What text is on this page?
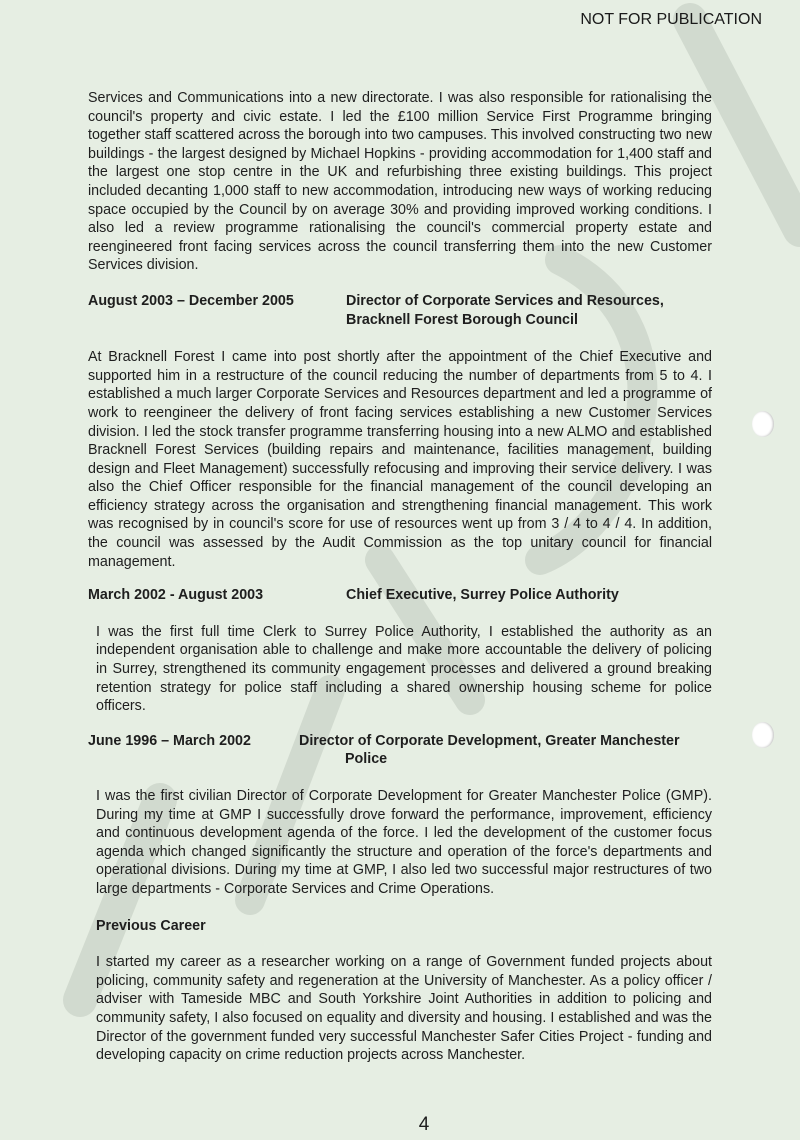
NOT FOR PUBLICATION

Services and Communications into a new directorate. I was also responsible for rationalising the council's property and civic estate. I led the £100 million Service First Programme bringing together staff scattered across the borough into two campuses. This involved constructing two new buildings - the largest designed by Michael Hopkins - providing accommodation for 1,400 staff and the largest one stop centre in the UK and refurbishing three existing buildings. This project included decanting 1,000 staff to new accommodation, introducing new ways of working reducing space occupied by the Council by on average 30% and providing improved working conditions. I also led a review programme rationalising the council's commercial property estate and reengineered front facing services across the council transferring them into the new Customer Services division.

August 2003 – December 2005	Director of Corporate Services and Resources,
Bracknell Forest Borough Council

At Bracknell Forest I came into post shortly after the appointment of the Chief Executive and supported him in a restructure of the council reducing the number of departments from 5 to 4. I established a much larger Corporate Services and Resources department and led a programme of work to reengineer the delivery of front facing services establishing a new Customer Services division. I led the stock transfer programme transferring housing into a new ALMO and established Bracknell Forest Services (building repairs and maintenance, facilities management, building design and Fleet Management) successfully refocusing and improving their service delivery. I was also the Chief Officer responsible for the financial management of the council developing an efficiency strategy across the organisation and strengthening financial management. This work was recognised by in council's score for use of resources went up from 3 / 4 to 4 / 4. In addition, the council was assessed by the Audit Commission as the top unitary council for financial management.

March 2002 - August 2003	Chief Executive, Surrey Police Authority

I was the first full time Clerk to Surrey Police Authority, I established the authority as an independent organisation able to challenge and make more accountable the delivery of policing in Surrey, strengthened its community engagement processes and delivered a ground breaking retention strategy for police staff including a shared ownership housing scheme for police officers.

June 1996 – March 2002	Director of Corporate Development, Greater Manchester
Police

I was the first civilian Director of Corporate Development for Greater Manchester Police (GMP). During my time at GMP I successfully drove forward the performance, improvement, efficiency and continuous development agenda of the force. I led the development of the customer focus agenda which changed significantly the structure and operation of the force's departments and operational divisions. During my time at GMP, I also led two successful major restructures of two large departments - Corporate Services and Crime Operations.

Previous Career

I started my career as a researcher working on a range of Government funded projects about policing, community safety and regeneration at the University of Manchester. As a policy officer / adviser with Tameside MBC and South Yorkshire Joint Authorities in addition to policing and community safety, I also focused on equality and diversity and housing. I established and was the Director of the government funded very successful Manchester Safer Cities Project - funding and developing capacity on crime reduction projects across Manchester.

4
